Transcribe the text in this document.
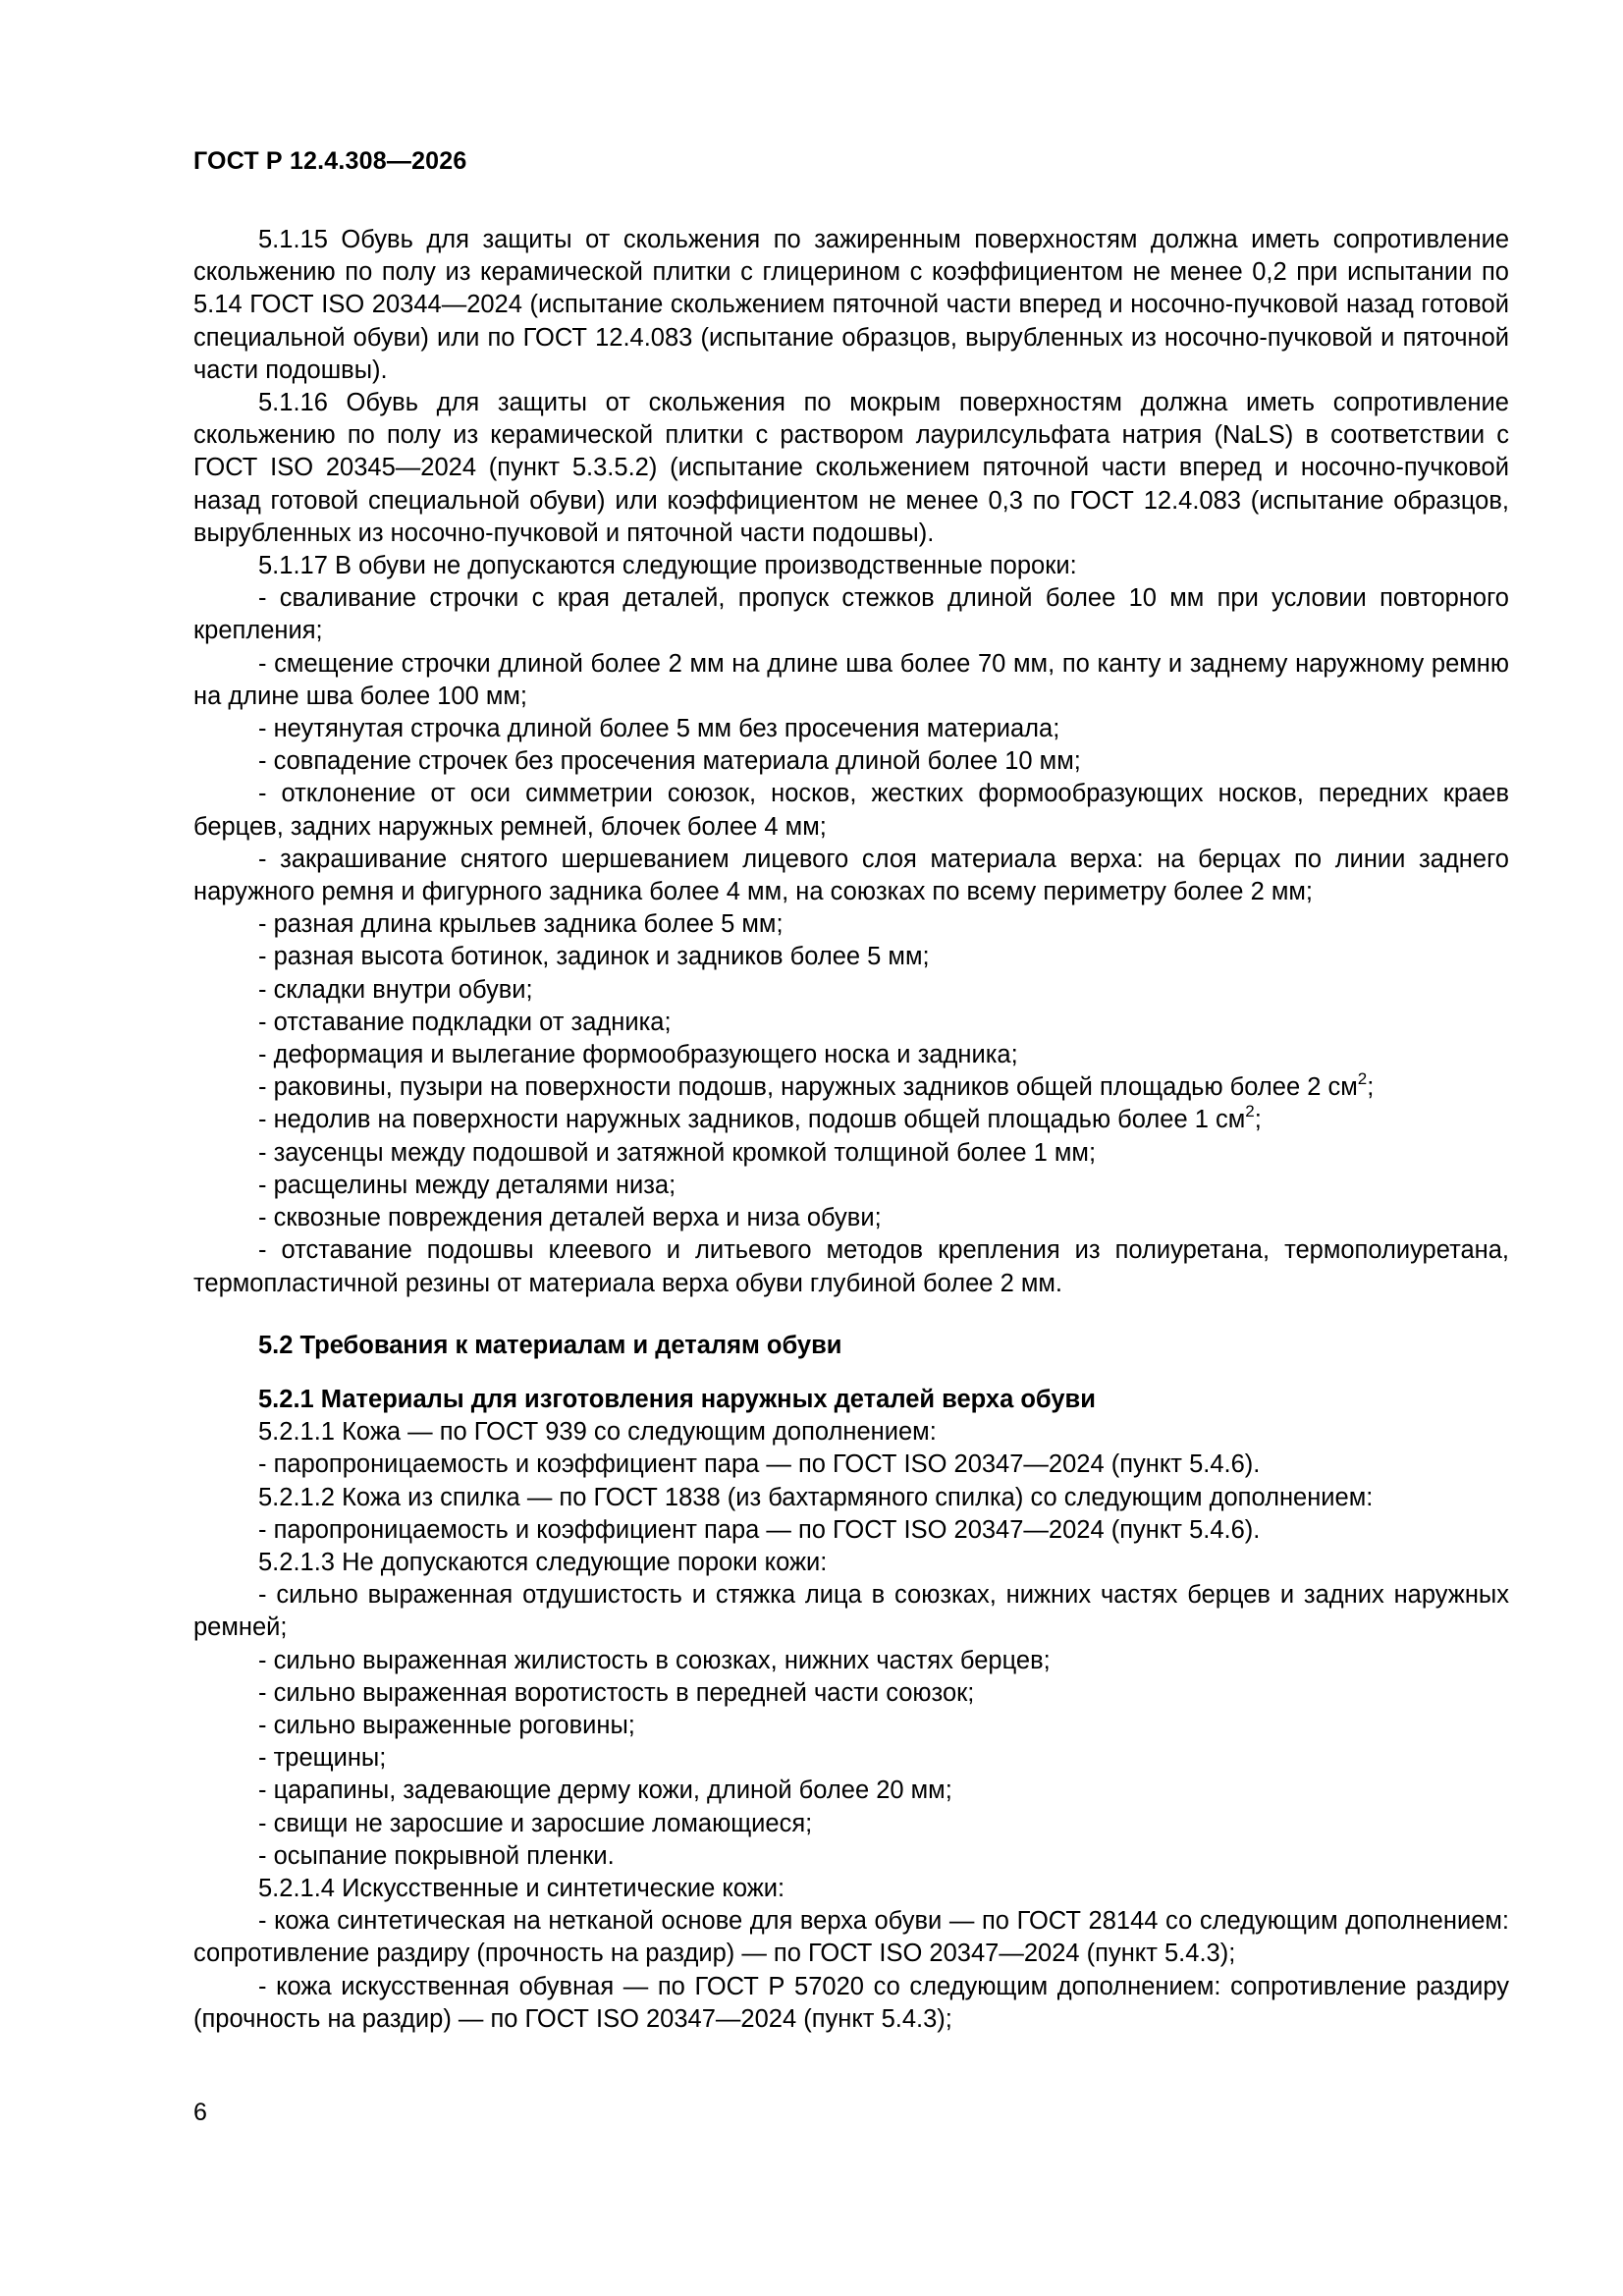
ГОСТ Р 12.4.308—2026

5.1.15 Обувь для защиты от скольжения по зажиренным поверхностям должна иметь сопротивление скольжению по полу из керамической плитки с глицерином с коэффициентом не менее 0,2 при испытании по 5.14 ГОСТ ISO 20344—2024 (испытание скольжением пяточной части вперед и носочно-пучковой назад готовой специальной обуви) или по ГОСТ 12.4.083 (испытание образцов, вырубленных из носочно-пучковой и пяточной части подошвы).

5.1.16 Обувь для защиты от скольжения по мокрым поверхностям должна иметь сопротивление скольжению по полу из керамической плитки с раствором лаурилсульфата натрия (NaLS) в соответствии с ГОСТ ISO 20345—2024 (пункт 5.3.5.2) (испытание скольжением пяточной части вперед и носочно-пучковой назад готовой специальной обуви) или коэффициентом не менее 0,3 по ГОСТ 12.4.083 (испытание образцов, вырубленных из носочно-пучковой и пяточной части подошвы).

5.1.17 В обуви не допускаются следующие производственные пороки:

- сваливание строчки с края деталей, пропуск стежков длиной более 10 мм при условии повторного крепления;

- смещение строчки длиной более 2 мм на длине шва более 70 мм, по канту и заднему наружному ремню на длине шва более 100 мм;

- неутянутая строчка длиной более 5 мм без просечения материала;

- совпадение строчек без просечения материала длиной более 10 мм;

- отклонение от оси симметрии союзок, носков, жестких формообразующих носков, передних краев берцев, задних наружных ремней, блочек более 4 мм;

- закрашивание снятого шершеванием лицевого слоя материала верха: на берцах по линии заднего наружного ремня и фигурного задника более 4 мм, на союзках по всему периметру более 2 мм;

- разная длина крыльев задника более 5 мм;

- разная высота ботинок, задинок и задников более 5 мм;

- складки внутри обуви;

- отставание подкладки от задника;

- деформация и вылегание формообразующего носка и задника;

- раковины, пузыри на поверхности подошв, наружных задников общей площадью более 2 $см^2$;

- недолив на поверхности наружных задников, подошв общей площадью более 1 $см^2$;

- заусенцы между подошвой и затяжной кромкой толщиной более 1 мм;

- расщелины между деталями низа;

- сквозные повреждения деталей верха и низа обуви;

- отставание подошвы клеевого и литьевого методов крепления из полиуретана, термополиуретана, термопластичной резины от материала верха обуви глубиной более 2 мм.

5.2 Требования к материалам и деталям обуви

5.2.1 Материалы для изготовления наружных деталей верха обуви

5.2.1.1 Кожа — по ГОСТ 939 со следующим дополнением:

- паропроницаемость и коэффициент пара — по ГОСТ ISO 20347—2024 (пункт 5.4.6).

5.2.1.2 Кожа из спилка — по ГОСТ 1838 (из бахтармяного спилка) со следующим дополнением:

- паропроницаемость и коэффициент пара — по ГОСТ ISO 20347—2024 (пункт 5.4.6).

5.2.1.3 Не допускаются следующие пороки кожи:

- сильно выраженная отдушистость и стяжка лица в союзках, нижних частях берцев и задних наружных ремней;

- сильно выраженная жилистость в союзках, нижних частях берцев;

- сильно выраженная воротистость в передней части союзок;

- сильно выраженные роговины;

- трещины;

- царапины, задевающие дерму кожи, длиной более 20 мм;

- свищи не заросшие и заросшие ломающиеся;

- осыпание покрывной пленки.

5.2.1.4 Искусственные и синтетические кожи:

- кожа синтетическая на нетканой основе для верха обуви — по ГОСТ 28144 со следующим дополнением: сопротивление раздиру (прочность на раздир) — по ГОСТ ISO 20347—2024 (пункт 5.4.3);

- кожа искусственная обувная — по ГОСТ Р 57020 со следующим дополнением: сопротивление раздиру (прочность на раздир) — по ГОСТ ISO 20347—2024 (пункт 5.4.3);

6
